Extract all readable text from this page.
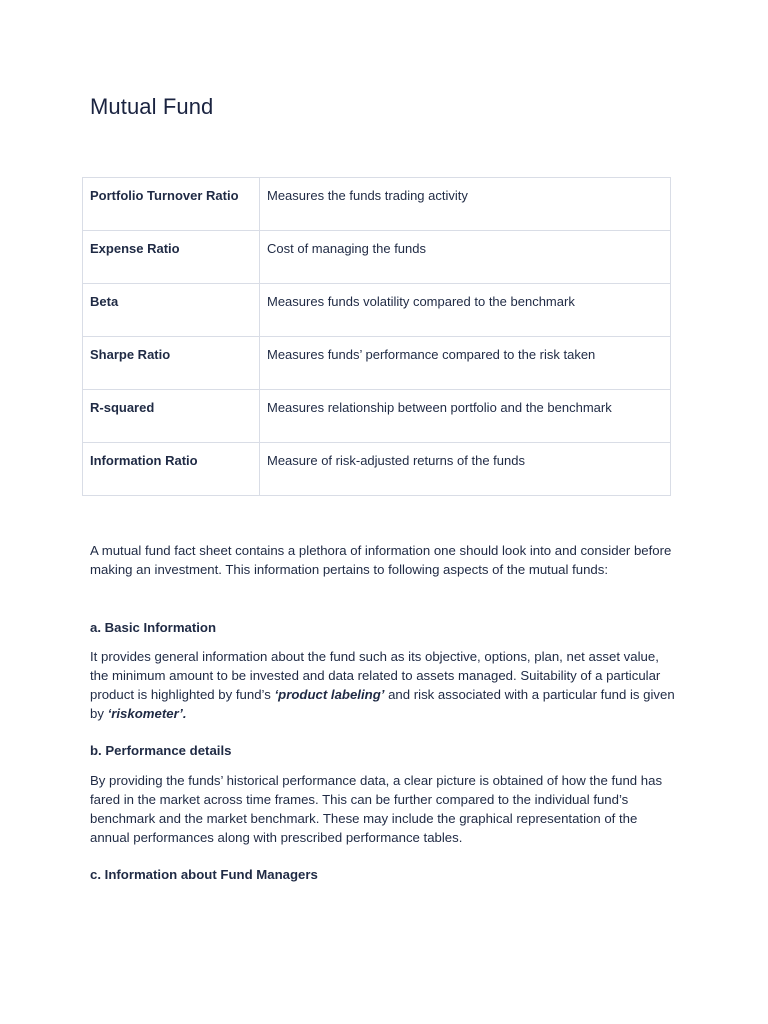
Mutual Fund
Portfolio Turnover Ratio	Measures the funds trading activity
Expense Ratio	Cost of managing the funds
Beta	Measures funds volatility compared to the benchmark
Sharpe Ratio	Measures funds’ performance compared to the risk taken
R-squared	Measures relationship between portfolio and the benchmark
Information Ratio	Measure of risk-adjusted returns of the funds

A mutual fund fact sheet contains a plethora of information one should look into and consider before making an investment. This information pertains to following aspects of the mutual funds:

a. Basic Information

It provides general information about the fund such as its objective, options, plan, net asset value, the minimum amount to be invested and data related to assets managed. Suitability of a particular product is highlighted by fund’s ‘product labeling’ and risk associated with a particular fund is given by ‘riskometer’.

b. Performance details

By providing the funds’ historical performance data, a clear picture is obtained of how the fund has fared in the market across time frames. This can be further compared to the individual fund’s benchmark and the market benchmark. These may include the graphical representation of the annual performances along with prescribed performance tables.

c. Information about Fund Managers
